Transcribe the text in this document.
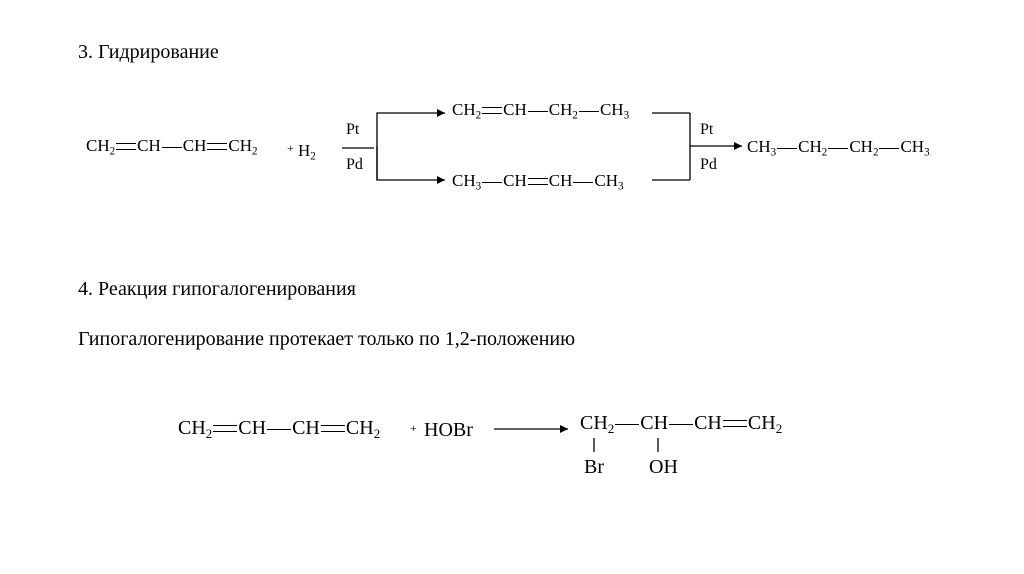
3. Гидрирование
$CH_2$ CH CH $CH_2 + H_2$
Pt
Pd
$CH_2$ CH $CH_2$ $CH_3$
$CH_3$ CH CH $CH_3$
Pt
Pd
$CH_3$ $CH_2$ $CH_2$ $CH_3$
4. Реакция гипогалогенирования
Гипогалогенирование протекает только по 1,2-положению
$CH_2$ CH CH $CH_2$ + HOBr	$CH_2$ CH CH $CH_2$
Br OH
